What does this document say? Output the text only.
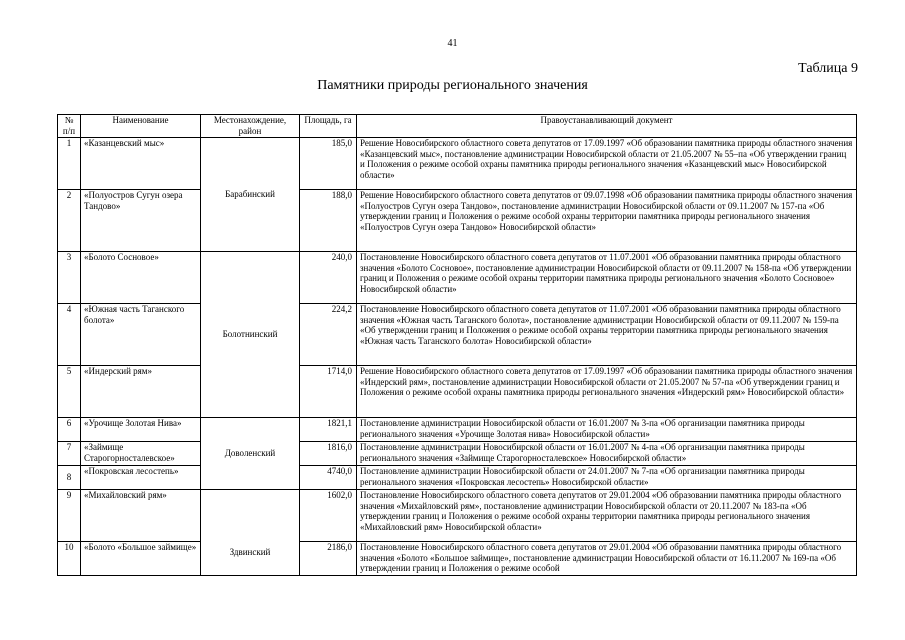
41
Таблица 9
Памятники природы регионального значения
№ п/п	Наименование	Местонахождение, район	Площадь, га	Правоустанавливающий документ
1	«Казанцевский мыс»	Барабинский	185,0	Решение Новосибирского областного совета депутатов от 17.09.1997 «Об образовании памятника природы областного значения «Казанцевский мыс», постановление администрации Новосибирской области от 21.05.2007 № 55–па «Об утверждении границ и Положения о режиме особой охраны памятника природы регионального значения «Казанцевский мыс» Новосибирской области»
2	«Полуостров Сугун озера Тандово»		188,0	Решение Новосибирского областного совета депутатов от 09.07.1998 «Об образовании памятника природы областного значения «Полуостров Сугун озера Тандово», постановление администрации Новосибирской области от 09.11.2007 № 157-па «Об утверждении границ и Положения о режиме особой охраны территории памятника природы регионального значения «Полуостров Сугун озера Тандово» Новосибирской области»
3	«Болото Сосновое»	Болотнинский	240,0	Постановление Новосибирского областного совета депутатов от 11.07.2001 «Об образовании памятника природы областного значения «Болото Сосновое», постановление администрации Новосибирской области от 09.11.2007 № 158-па «Об утверждении границ и Положения о режиме особой охраны территории памятника природы регионального значения «Болото Сосновое» Новосибирской области»
4	«Южная часть Таганского болота»		224,2	Постановление Новосибирского областного совета депутатов от 11.07.2001 «Об образовании памятника природы областного значения «Южная часть Таганского болота», постановление администрации Новосибирской области от 09.11.2007 № 159-па «Об утверждении границ и Положения о режиме особой охраны территории памятника природы регионального значения «Южная часть Таганского болота» Новосибирской области»
5	«Индерский рям»		1714,0	Решение Новосибирского областного совета депутатов от 17.09.1997 «Об образовании памятника природы областного значения «Индерский рям», постановление администрации Новосибирской области от 21.05.2007 № 57-па «Об утверждении границ и Положения о режиме особой охраны памятника природы регионального значения «Индерский рям» Новосибирской области»
6	«Урочище Золотая Нива»	Доволенский	1821,1	Постановление администрации Новосибирской области от 16.01.2007 № 3-па «Об организации памятника природы регионального значения «Урочище Золотая нива» Новосибирской области»
7	«Займище Старогорносталевское»		1816,0	Постановление администрации Новосибирской области от 16.01.2007 № 4-па «Об организации памятника природы регионального значения «Займище Старогорносталевское» Новосибирской области»
8	«Покровская лесостепь»		4740,0	Постановление администрации Новосибирской области от 24.01.2007 № 7-па «Об организации памятника природы регионального значения «Покровская лесостепь» Новосибирской области»
9	«Михайловский рям»	Здвинский	1602,0	Постановление Новосибирского областного совета депутатов от 29.01.2004 «Об образовании памятника природы областного значения «Михайловский рям», постановление администрации Новосибирской области от 20.11.2007 № 183-па «Об утверждении границ и Положения о режиме особой охраны территории памятника природы регионального значения «Михайловский рям» Новосибирской области»
10	«Болото «Большое займище»		2186,0	Постановление Новосибирского областного совета депутатов от 29.01.2004 «Об образовании памятника природы областного значения «Болото «Большое займище», постановление администрации Новосибирской области от 16.11.2007 № 169-па «Об утверждении границ и Положения о режиме особой
